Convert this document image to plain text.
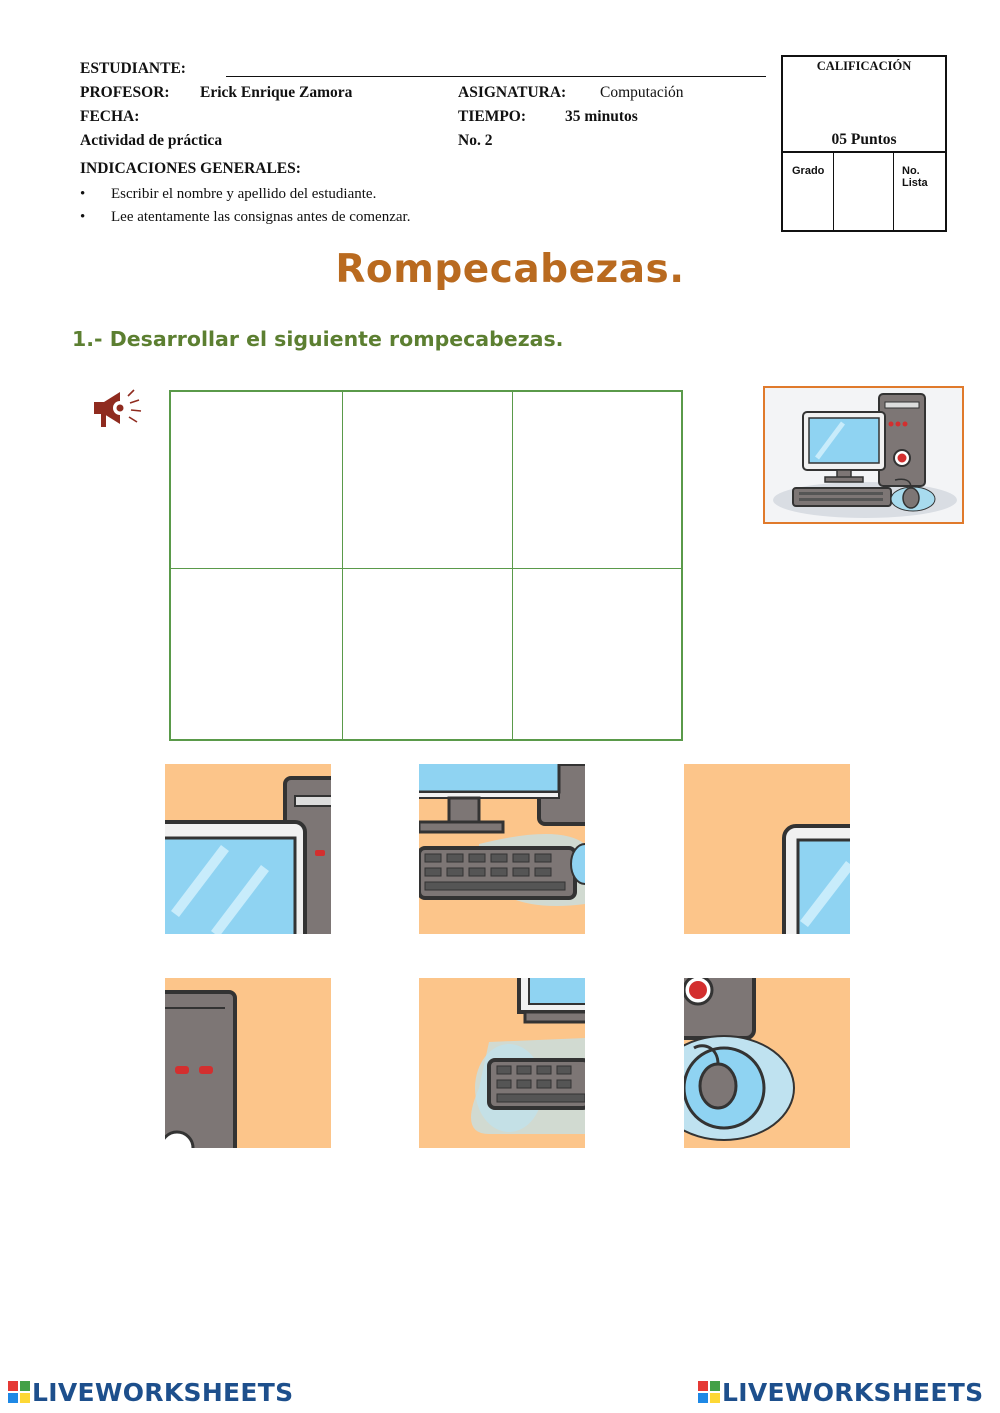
ESTUDIANTE:
PROFESOR: Erick Enrique Zamora	ASIGNATURA: Computación
FECHA:	TIEMPO:	35 minutos
Actividad de práctica	No. 2
INDICACIONES GENERALES:
• Escribir el nombre y apellido del estudiante.
• Lee atentamente las consignas antes de comenzar.
CALIFICACIÓN
05 Puntos
Grado	No. Lista
Rompecabezas.
1.- Desarrollar el siguiente rompecabezas.
LIVEWORKSHEETS	LIVEWORKSHEETS
